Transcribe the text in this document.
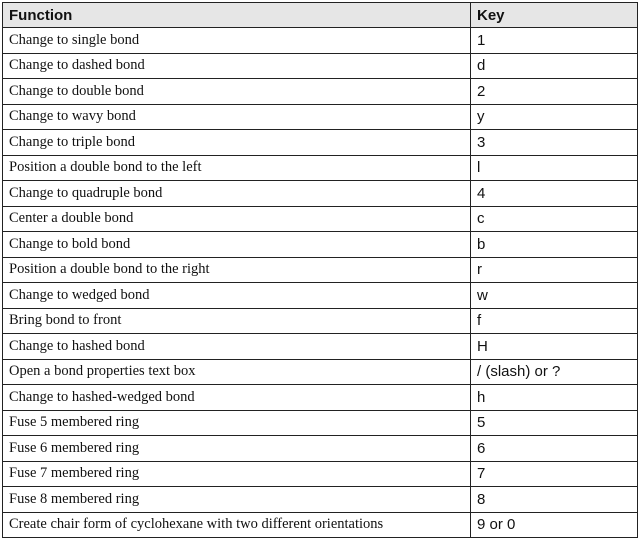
Function	Key
Change to single bond	1
Change to dashed bond	d
Change to double bond	2
Change to wavy bond	y
Change to triple bond	3
Position a double bond to the left	l
Change to quadruple bond	4
Center a double bond	c
Change to bold bond	b
Position a double bond to the right	r
Change to wedged bond	w
Bring bond to front	f
Change to hashed bond	H
Open a bond properties text box	/ (slash) or ?
Change to hashed-wedged bond	h
Fuse 5 membered ring	5
Fuse 6 membered ring	6
Fuse 7 membered ring	7
Fuse 8 membered ring	8
Create chair form of cyclohexane with two different orientations	9 or 0
